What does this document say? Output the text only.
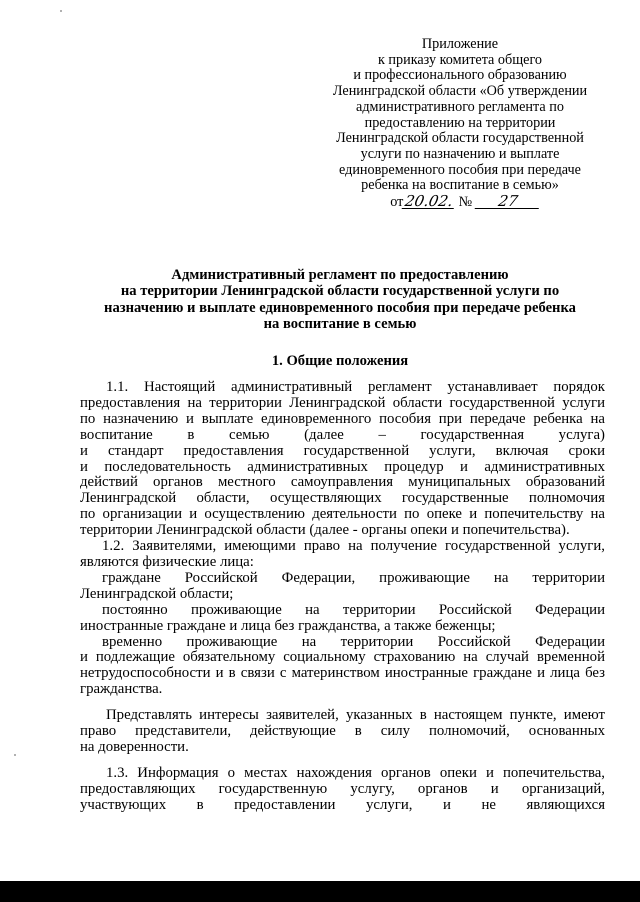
Приложение
к приказу комитета общего
и профессионального образованию
Ленинградской области «Об утверждении
административного регламента по
предоставлению на территории
Ленинградской области государственной
услуги по назначению и выплате
единовременного пособия при передаче
ребенка на воспитание в семью»
от20.02. № 27
Административный регламент по предоставлению
на территории Ленинградской области государственной услуги по
назначению и выплате единовременного пособия при передаче ребенка
на воспитание в семью
1. Общие положения
1.1. Настоящий административный регламент устанавливает порядок
предоставления на территории Ленинградской области государственной услуги
по назначению и выплате единовременного пособия при передаче ребенка на
воспитание в семью (далее – государственная услуга)
и стандарт предоставления государственной услуги, включая сроки
и последовательность административных процедур и административных
действий органов местного самоуправления муниципальных образований
Ленинградской области, осуществляющих государственные полномочия
по организации и осуществлению деятельности по опеке и попечительству на
территории Ленинградской области (далее - органы опеки и попечительства).
1.2. Заявителями, имеющими право на получение государственной услуги,
являются физические лица:
граждане Российской Федерации, проживающие на территории
Ленинградской области;
постоянно проживающие на территории Российской Федерации
иностранные граждане и лица без гражданства, а также беженцы;
временно проживающие на территории Российской Федерации
и подлежащие обязательному социальному страхованию на случай временной
нетрудоспособности и в связи с материнством иностранные граждане и лица без
гражданства.
Представлять интересы заявителей, указанных в настоящем пункте, имеют
право представители, действующие в силу полномочий, основанных
на доверенности.
1.3. Информация о местах нахождения органов опеки и попечительства,
предоставляющих государственную услугу, органов и организаций,
участвующих в предоставлении услуги, и не являющихся
